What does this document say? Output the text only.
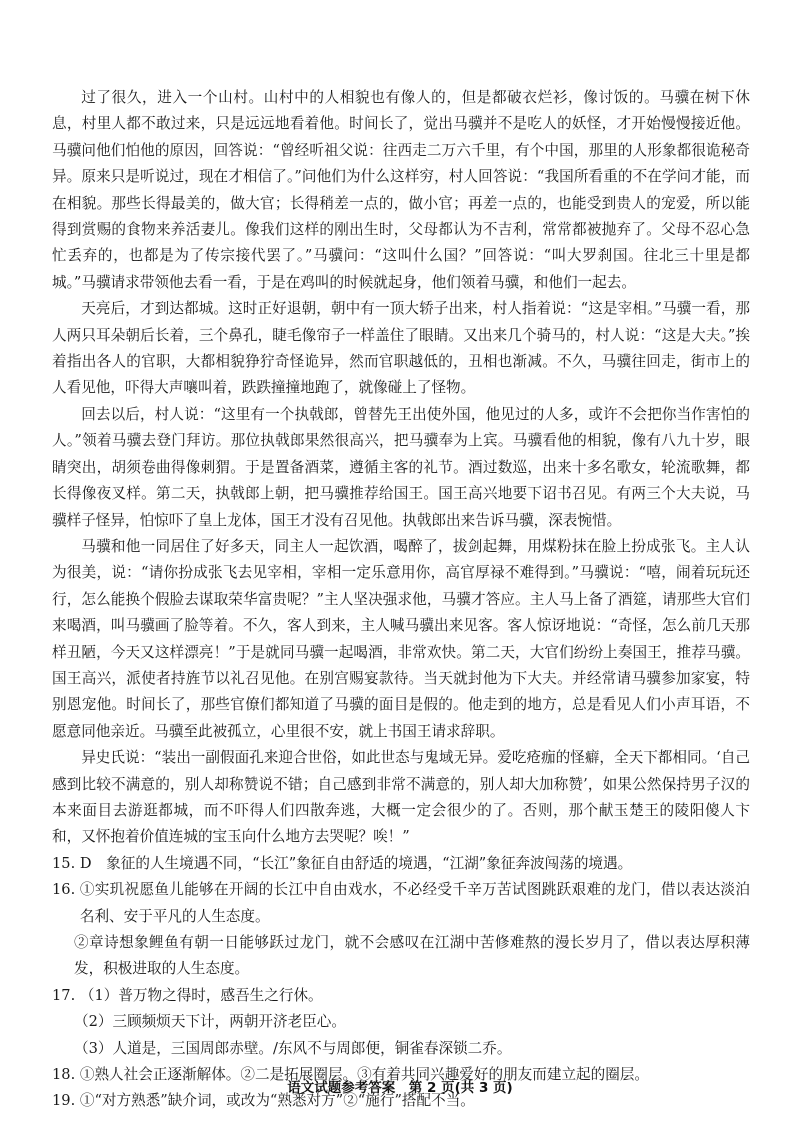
过了很久，进入一个山村。山村中的人相貌也有像人的，但是都破衣烂衫，像讨饭的。马骥在树下休息，村里人都不敢过来，只是远远地看着他。时间长了，觉出马骥并不是吃人的妖怪，才开始慢慢接近他。马骥问他们怕他的原因，回答说：“曾经听祖父说：往西走二万六千里，有个中国，那里的人形象都很诡秘奇异。原来只是听说过，现在才相信了。”问他们为什么这样穷，村人回答说：“我国所看重的不在学问才能，而在相貌。那些长得最美的，做大官；长得稍差一点的，做小官；再差一点的，也能受到贵人的宠爱，所以能得到赏赐的食物来养活妻儿。像我们这样的刚出生时，父母都认为不吉利，常常都被抛弃了。父母不忍心急忙丢弃的，也都是为了传宗接代罢了。”马骥问：“这叫什么国？”回答说：“叫大罗刹国。往北三十里是都城。”马骥请求带领他去看一看，于是在鸡叫的时候就起身，他们领着马骥，和他们一起去。

天亮后，才到达都城。这时正好退朝，朝中有一顶大轿子出来，村人指着说：“这是宰相。”马骥一看，那人两只耳朵朝后长着，三个鼻孔，睫毛像帘子一样盖住了眼睛。又出来几个骑马的，村人说：“这是大夫。”挨着指出各人的官职，大都相貌狰狞奇怪诡异，然而官职越低的，丑相也渐减。不久，马骥往回走，街市上的人看见他，吓得大声嚷叫着，跌跌撞撞地跑了，就像碰上了怪物。

回去以后，村人说：“这里有一个执戟郎，曾替先王出使外国，他见过的人多，或许不会把你当作害怕的人。”领着马骥去登门拜访。那位执戟郎果然很高兴，把马骥奉为上宾。马骥看他的相貌，像有八九十岁，眼睛突出，胡须卷曲得像刺猬。于是置备酒菜，遵循主客的礼节。酒过数巡，出来十多名歌女，轮流歌舞，都长得像夜叉样。第二天，执戟郎上朝，把马骥推荐给国王。国王高兴地要下诏书召见。有两三个大夫说，马骥样子怪异，怕惊吓了皇上龙体，国王才没有召见他。执戟郎出来告诉马骥，深表惋惜。

马骥和他一同居住了好多天，同主人一起饮酒，喝醉了，拔剑起舞，用煤粉抹在脸上扮成张飞。主人认为很美，说：“请你扮成张飞去见宰相，宰相一定乐意用你，高官厚禄不难得到。”马骥说：“嘻，闹着玩玩还行，怎么能换个假脸去谋取荣华富贵呢？”主人坚决强求他，马骥才答应。主人马上备了酒筵，请那些大官们来喝酒，叫马骥画了脸等着。不久，客人到来，主人喊马骥出来见客。客人惊讶地说：“奇怪，怎么前几天那样丑陋，今天又这样漂亮！”于是就同马骥一起喝酒，非常欢快。第二天，大官们纷纷上奏国王，推荐马骥。国王高兴，派使者持旌节以礼召见他。在别宫赐宴款待。当天就封他为下大夫。并经常请马骥参加家宴，特别恩宠他。时间长了，那些官僚们都知道了马骥的面目是假的。他走到的地方，总是看见人们小声耳语，不愿意同他亲近。马骥至此被孤立，心里很不安，就上书国王请求辞职。

异史氏说：“装出一副假面孔来迎合世俗，如此世态与鬼域无异。爱吃疮痂的怪癖，全天下都相同。‘自己感到比较不满意的，别人却称赞说不错；自己感到非常不满意的，别人却大加称赞’，如果公然保持男子汉的本来面目去游逛都城，而不吓得人们四散奔逃，大概一定会很少的了。否则，那个献玉楚王的陵阳傻人卞和，又怀抱着价值连城的宝玉向什么地方去哭呢？唉！”

15. D  象征的人生境遇不同，“长江”象征自由舒适的境遇，“江湖”象征奔波闯荡的境遇。

16. ①实玑祝愿鱼儿能够在开阔的长江中自由戏水，不必经受千辛万苦试图跳跃艰难的龙门，借以表达淡泊名利、安于平凡的人生态度。

②章诗想象鲤鱼有朝一日能够跃过龙门，就不会感叹在江湖中苦修难熬的漫长岁月了，借以表达厚积薄发，积极进取的人生态度。

17. （1）普万物之得时，感吾生之行休。

（2）三顾频烦天下计，两朝开济老臣心。

（3）人道是，三国周郎赤壁。/东风不与周郎便，铜雀春深锁二乔。

18. ①熟人社会正逐渐解体。②二是拓展圈层。③有着共同兴趣爱好的朋友而建立起的圈层。

19. ①“对方熟悉”缺介词，或改为“熟悉对方”②“施行”搭配不当。

语文试题参考答案　第 2 页(共 3 页)
